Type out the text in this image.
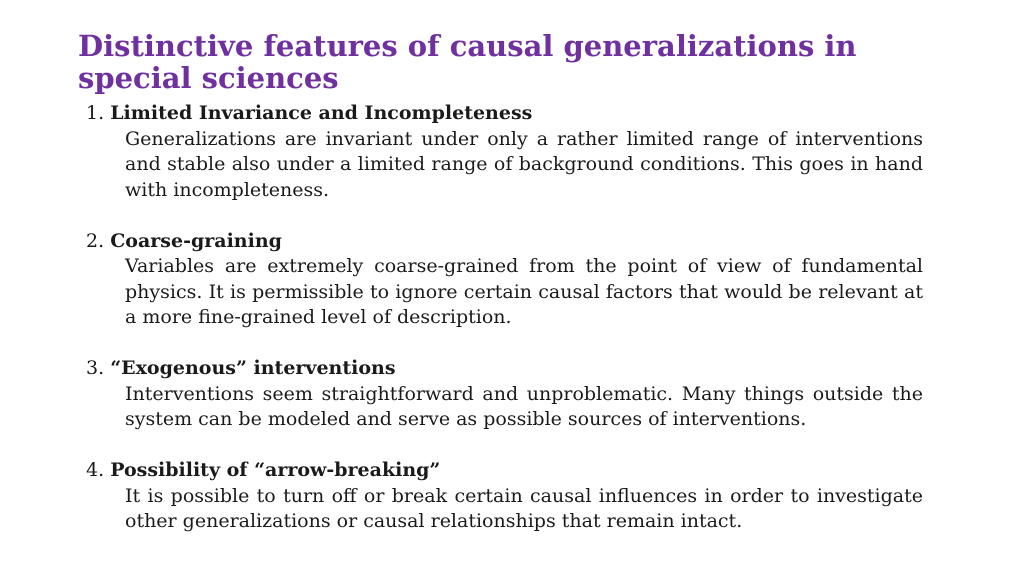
Distinctive features of causal generalizations in special sciences
1. Limited Invariance and Incompleteness

Generalizations are invariant under only a rather limited range of interventions and stable also under a limited range of background conditions. This goes in hand with incompleteness.

2. Coarse-graining

Variables are extremely coarse-grained from the point of view of fundamental physics. It is permissible to ignore certain causal factors that would be relevant at a more fine-grained level of description.

3. “Exogenous” interventions

Interventions seem straightforward and unproblematic. Many things outside the system can be modeled and serve as possible sources of interventions.

4. Possibility of “arrow-breaking”

It is possible to turn off or break certain causal influences in order to investigate other generalizations or causal relationships that remain intact.
